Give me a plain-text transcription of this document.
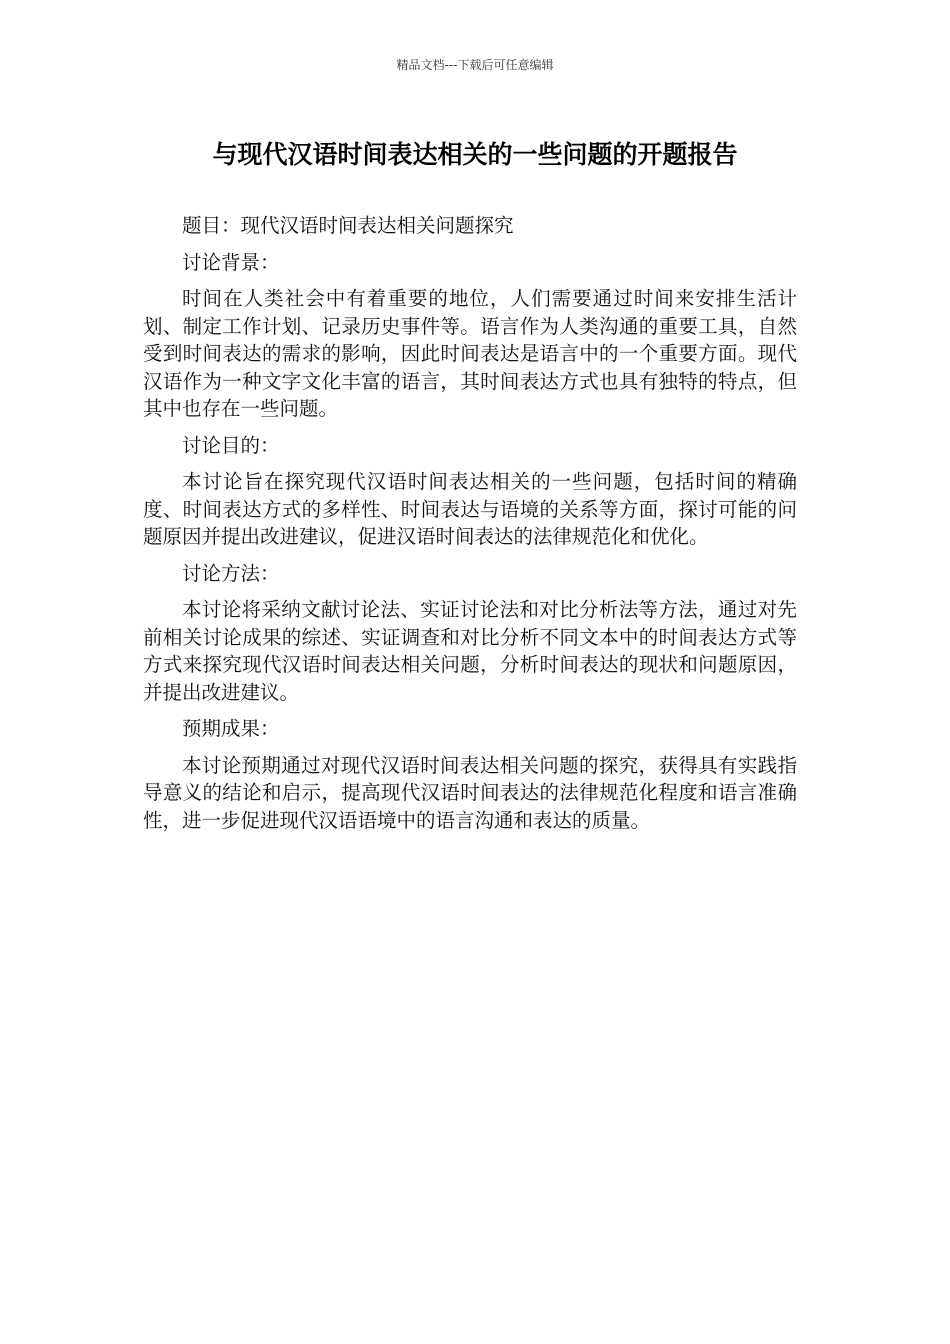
精品文档---下载后可任意编辑
与现代汉语时间表达相关的一些问题的开题报告

题目：现代汉语时间表达相关问题探究

讨论背景：

时间在人类社会中有着重要的地位，人们需要通过时间来安排生活计划、制定工作计划、记录历史事件等。语言作为人类沟通的重要工具，自然受到时间表达的需求的影响，因此时间表达是语言中的一个重要方面。现代汉语作为一种文字文化丰富的语言，其时间表达方式也具有独特的特点，但其中也存在一些问题。

讨论目的：

本讨论旨在探究现代汉语时间表达相关的一些问题，包括时间的精确度、时间表达方式的多样性、时间表达与语境的关系等方面，探讨可能的问题原因并提出改进建议，促进汉语时间表达的法律规范化和优化。

讨论方法：

本讨论将采纳文献讨论法、实证讨论法和对比分析法等方法，通过对先前相关讨论成果的综述、实证调查和对比分析不同文本中的时间表达方式等方式来探究现代汉语时间表达相关问题，分析时间表达的现状和问题原因，并提出改进建议。

预期成果：

本讨论预期通过对现代汉语时间表达相关问题的探究，获得具有实践指导意义的结论和启示，提高现代汉语时间表达的法律规范化程度和语言准确性，进一步促进现代汉语语境中的语言沟通和表达的质量。
